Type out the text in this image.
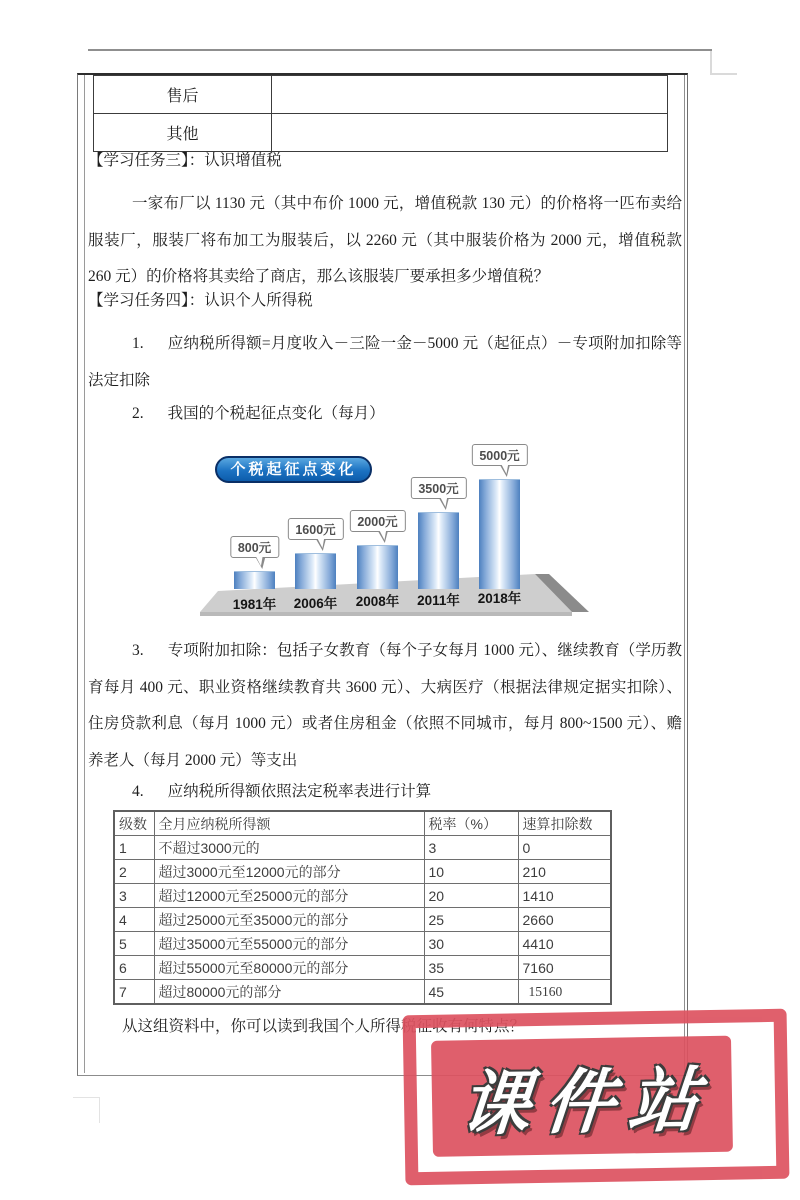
售后	
其他	
【学习任务三】：认识增值税
一家布厂以 1130 元（其中布价 1000 元，增值税款 130 元）的价格将一匹布卖给服装厂，服装厂将布加工为服装后，以 2260 元（其中服装价格为 2000 元，增值税款 260 元）的价格将其卖给了商店，那么该服装厂要承担多少增值税？
【学习任务四】：认识个人所得税
1. 应纳税所得额=月度收入－三险一金－5000 元（起征点）－专项附加扣除等法定扣除
2. 我国的个税起征点变化（每月）
个税起征点变化
1981年
800元
2006年
1600元
2008年
2000元
2011年
3500元
2018年
5000元
3. 专项附加扣除：包括子女教育（每个子女每月 1000 元）、继续教育（学历教育每月 400 元、职业资格继续教育共 3600 元）、大病医疗（根据法律规定据实扣除）、住房贷款利息（每月 1000 元）或者住房租金（依照不同城市，每月 800~1500 元）、赡养老人（每月 2000 元）等支出
4. 应纳税所得额依照法定税率表进行计算
级数	全月应纳税所得额	税率（%）	速算扣除数
1	不超过3000元的	3	0
2	超过3000元至12000元的部分	10	210
3	超过12000元至25000元的部分	20	1410
4	超过25000元至35000元的部分	25	2660
5	超过35000元至55000元的部分	30	4410
6	超过55000元至80000元的部分	35	7160
7	超过80000元的部分	45	15160
从这组资料中，你可以读到我国个人所得税征收有何特点？
课件站
